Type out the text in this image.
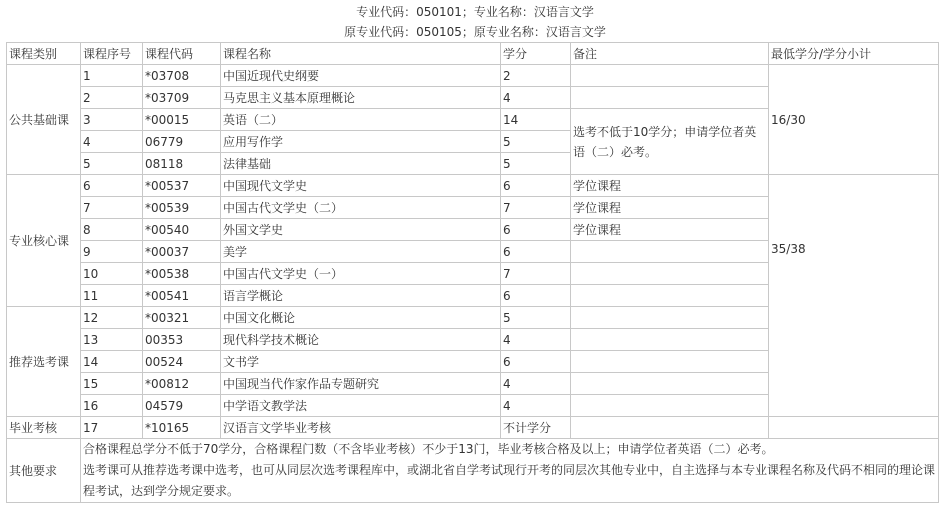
专业代码：050101；专业名称：汉语言文学
原专业代码：050105；原专业名称：汉语言文学
课程类别	课程序号	课程代码	课程名称	学分	备注	最低学分/学分小计
公共基础课	1	*03708	中国近现代史纲要	2		16/30
	2	*03709	马克思主义基本原理概论	4		
	3	*00015	英语（二）	14	选考不低于10学分；申请学位者英语（二）必考。	
	4	06779	应用写作学	5		
	5	08118	法律基础	5		
专业核心课	6	*00537	中国现代文学史	6	学位课程	35/38

	7	*00539	中国古代文学史（二）	7	学位课程	
	8	*00540	外国文学史	6	学位课程	
	9	*00037	美学	6		
	10	*00538	中国古代文学史（一）	7		
	11	*00541	语言学概论	6		
推荐选考课	12	*00321	中国文化概论	5		
	13	00353	现代科学技术概论	4		
	14	00524	文书学	6		
	15	*00812	中国现当代作家作品专题研究	4		
	16	04579	中学语文教学法	4		
毕业考核	17	*10165	汉语言文学毕业考核	不计学分		
其他要求	合格课程总学分不低于70学分，合格课程门数（不含毕业考核）不少于13门，毕业考核合格及以上；申请学位者英语（二）必考。
选考课可从推荐选考课中选考，也可从同层次选考课程库中，或湖北省自学考试现行开考的同层次其他专业中，自主选择与本专业课程名称及代码不相同的理论课程考试，达到学分规定要求。					
